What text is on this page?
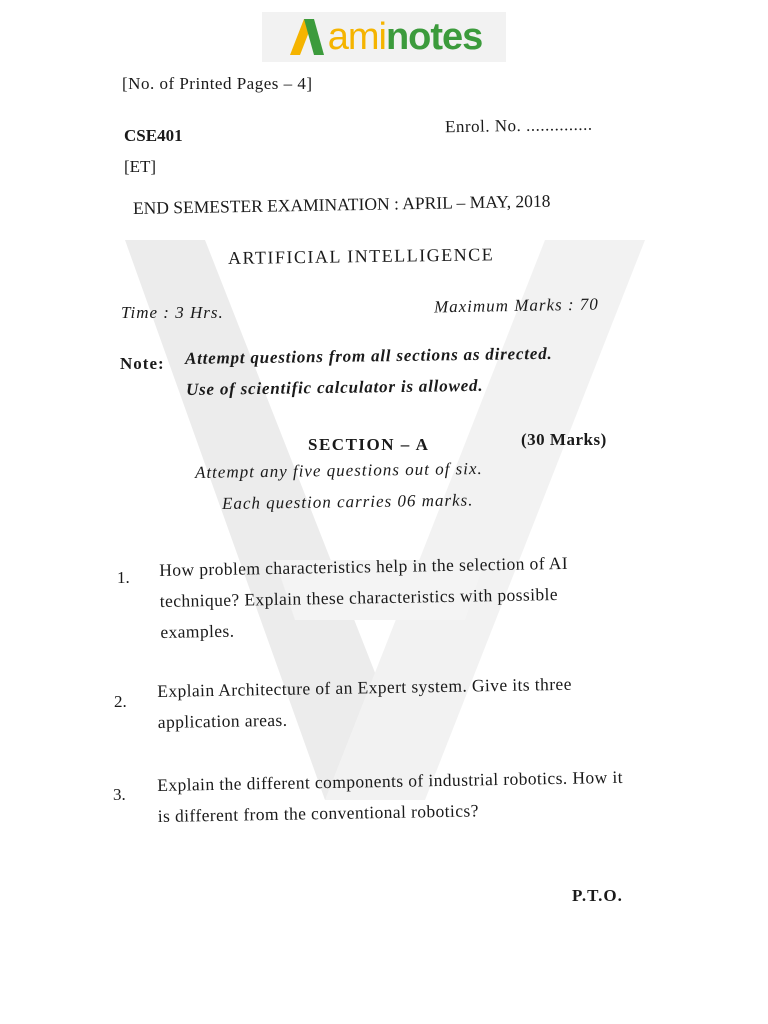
aminotes
[No. of Printed Pages – 4]
CSE401	Enrol. No. ..............
[ET]
END SEMESTER EXAMINATION : APRIL – MAY, 2018
ARTIFICIAL INTELLIGENCE
Time : 3 Hrs.	Maximum Marks : 70
Note: Attempt questions from all sections as directed.
Use of scientific calculator is allowed.
SECTION – A	(30 Marks)
Attempt any five questions out of six.
Each question carries 06 marks.
1. How problem characteristics help in the selection of AI technique? Explain these characteristics with possible examples.
2.
Explain Architecture of an Expert system. Give its three application areas.
3. Explain the different components of industrial robotics. How it is different from the conventional robotics?
P.T.O.
